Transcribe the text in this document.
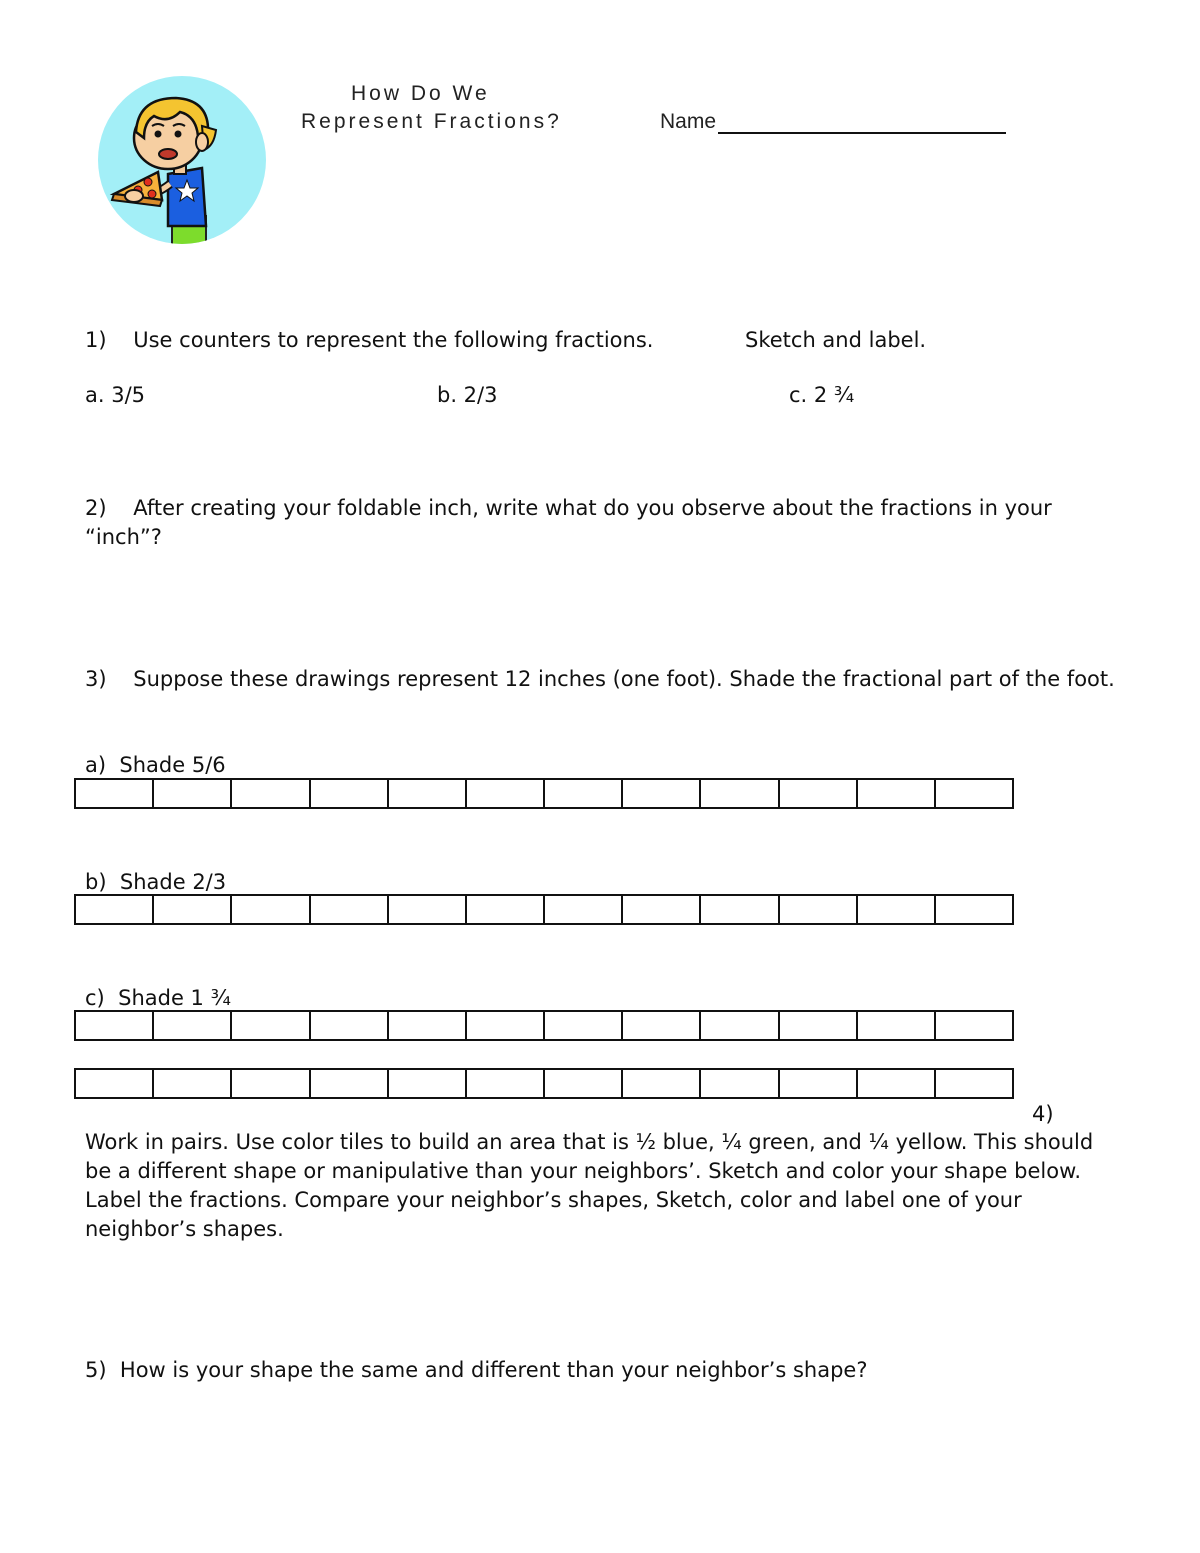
How Do We
Represent Fractions?	Name
1) Use counters to represent the following fractions.	Sketch and label.
a. 3/5	b. 2/3	c. 2 ¾
2) After creating your foldable inch, write what do you observe about the fractions in your “inch”?
3) Suppose these drawings represent 12 inches (one foot). Shade the fractional part of the foot.
a) Shade 5/6
b) Shade 2/3
c) Shade 1 ¾
4)
Work in pairs. Use color tiles to build an area that is ½ blue, ¼ green, and ¼ yellow. This should be a different shape or manipulative than your neighbors’. Sketch and color your shape below. Label the fractions. Compare your neighbor’s shapes, Sketch, color and label one of your neighbor’s shapes.
5) How is your shape the same and different than your neighbor’s shape?
